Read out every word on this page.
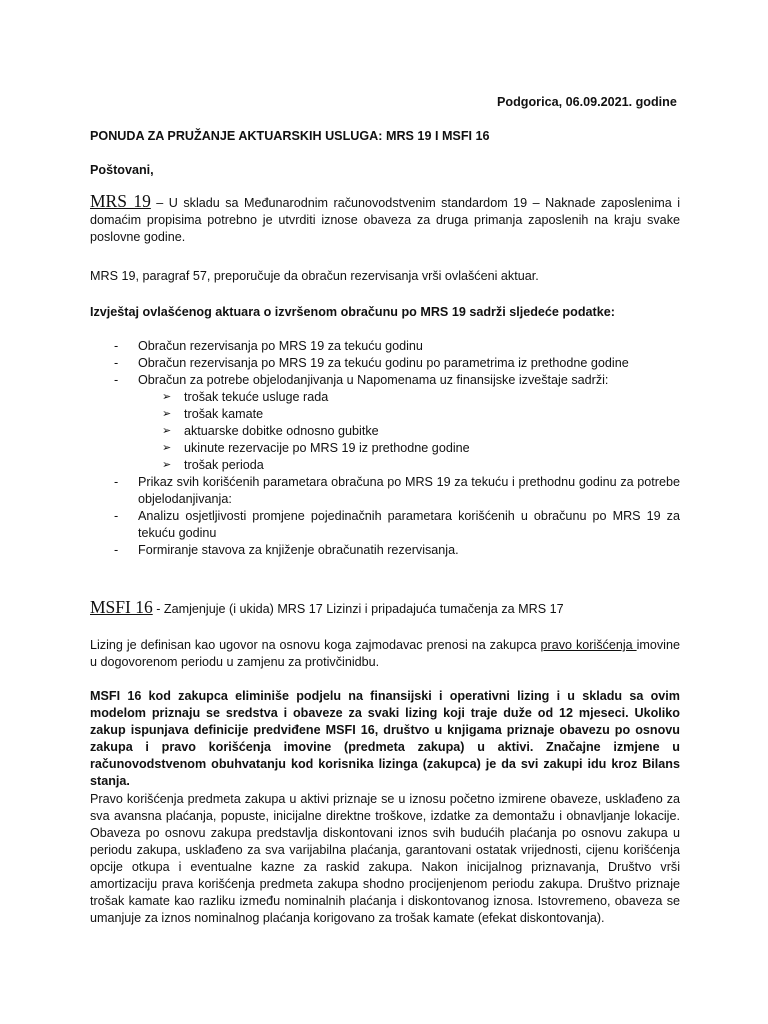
Podgorica, 06.09.2021. godine

PONUDA ZA PRUŽANJE AKTUARSKIH USLUGA: MRS 19 I MSFI 16

Poštovani,

MRS 19 – U skladu sa Međunarodnim računovodstvenim standardom 19 – Naknade zaposlenima i domaćim propisima potrebno je utvrditi iznose obaveza za druga primanja zaposlenih na kraju svake poslovne godine.

MRS 19, paragraf 57, preporučuje da obračun rezervisanja vrši ovlašćeni aktuar.

Izvještaj ovlašćenog aktuara o izvršenom obračunu po MRS 19 sadrži sljedeće podatke:

- Obračun rezervisanja po MRS 19 za tekuću godinu
- Obračun rezervisanja po MRS 19 za tekuću godinu po parametrima iz prethodne godine
- Obračun za potrebe objelodanjivanja u Napomenama uz finansijske izveštaje sadrži:
➢ trošak tekuće usluge rada
➢ trošak kamate
➢ aktuarske dobitke odnosno gubitke
➢ ukinute rezervacije po MRS 19 iz prethodne godine
➢ trošak perioda
- Prikaz svih korišćenih parametara obračuna po MRS 19 za tekuću i prethodnu godinu za potrebe objelodanjivanja:
- Analizu osjetljivosti promjene pojedinačnih parametara korišćenih u obračunu po MRS 19 za tekuću godinu
- Formiranje stavova za knjiženje obračunatih rezervisanja.

MSFI 16 - Zamjenjuje (i ukida) MRS 17 Lizinzi i pripadajuća tumačenja za MRS 17

Lizing je definisan kao ugovor na osnovu koga zajmodavac prenosi na zakupca pravo korišćenja imovine u dogovorenom periodu u zamjenu za protivčinidbu.

MSFI 16 kod zakupca eliminiše podjelu na finansijski i operativni lizing i u skladu sa ovim modelom priznaju se sredstva i obaveze za svaki lizing koji traje duže od 12 mjeseci. Ukoliko zakup ispunjava definicije predviđene MSFI 16, društvo u knjigama priznaje obavezu po osnovu zakupa i pravo korišćenja imovine (predmeta zakupa) u aktivi. Značajne izmjene u računovodstvenom obuhvatanju kod korisnika lizinga (zakupca) je da svi zakupi idu kroz Bilans stanja.

Pravo korišćenja predmeta zakupa u aktivi priznaje se u iznosu početno izmirene obaveze, usklađeno za sva avansna plaćanja, popuste, inicijalne direktne troškove, izdatke za demontažu i obnavljanje lokacije. Obaveza po osnovu zakupa predstavlja diskontovani iznos svih budućih plaćanja po osnovu zakupa u periodu zakupa, usklađeno za sva varijabilna plaćanja, garantovani ostatak vrijednosti, cijenu korišćenja opcije otkupa i eventualne kazne za raskid zakupa. Nakon inicijalnog priznavanja, Društvo vrši amortizaciju prava korišćenja predmeta zakupa shodno procijenjenom periodu zakupa. Društvo priznaje trošak kamate kao razliku između nominalnih plaćanja i diskontovanog iznosa. Istovremeno, obaveza se umanjuje za iznos nominalnog plaćanja korigovano za trošak kamate (efekat diskontovanja).
